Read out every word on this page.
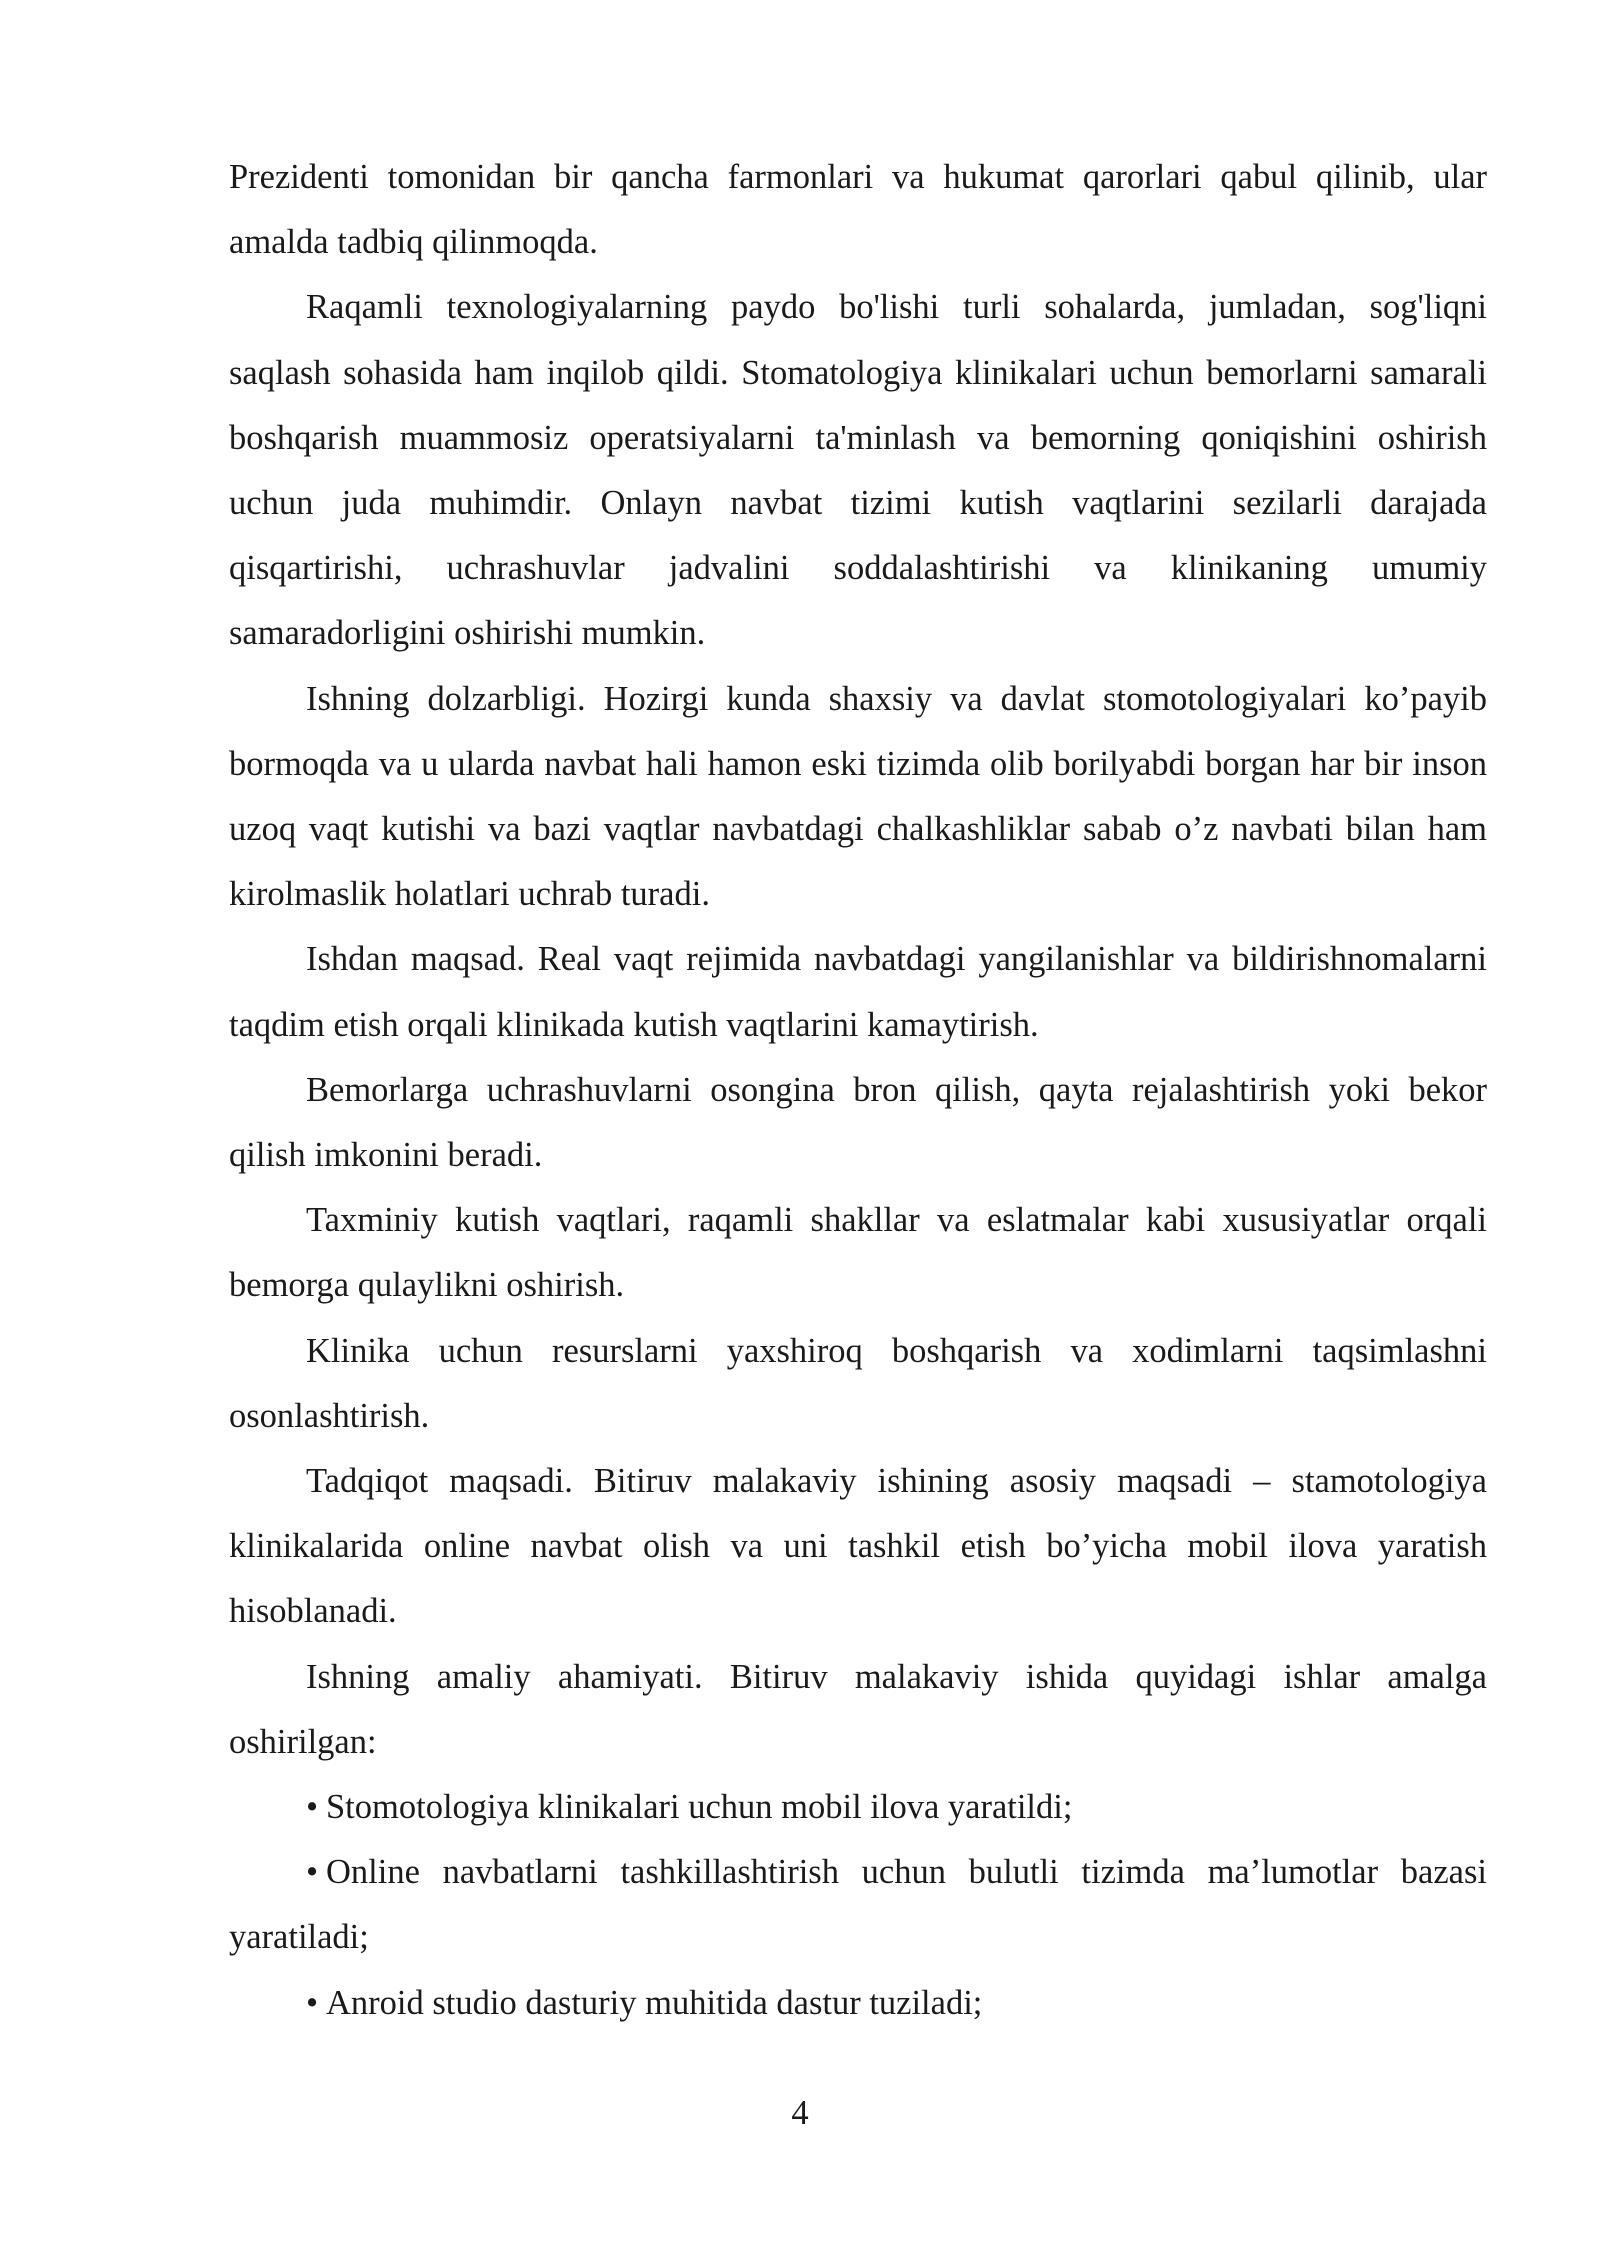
Prezidenti tomonidan bir qancha farmonlari va hukumat qarorlari qabul qilinib, ular amalda tadbiq qilinmoqda.

Raqamli texnologiyalarning paydo bo'lishi turli sohalarda, jumladan, sog'liqni saqlash sohasida ham inqilob qildi. Stomatologiya klinikalari uchun bemorlarni samarali boshqarish muammosiz operatsiyalarni ta'minlash va bemorning qoniqishini oshirish uchun juda muhimdir. Onlayn navbat tizimi kutish vaqtlarini sezilarli darajada qisqartirishi, uchrashuvlar jadvalini soddalashtirishi va klinikaning umumiy samaradorligini oshirishi mumkin.

Ishning dolzarbligi. Hozirgi kunda shaxsiy va davlat stomotologiyalari ko’payib bormoqda va u ularda navbat hali hamon eski tizimda olib borilyabdi borgan har bir inson uzoq vaqt kutishi va bazi vaqtlar navbatdagi chalkashliklar sabab o’z navbati bilan ham kirolmaslik holatlari uchrab turadi.

Ishdan maqsad. Real vaqt rejimida navbatdagi yangilanishlar va bildirishnomalarni taqdim etish orqali klinikada kutish vaqtlarini kamaytirish.

Bemorlarga uchrashuvlarni osongina bron qilish, qayta rejalashtirish yoki bekor qilish imkonini beradi.

Taxminiy kutish vaqtlari, raqamli shakllar va eslatmalar kabi xususiyatlar orqali bemorga qulaylikni oshirish.

Klinika uchun resurslarni yaxshiroq boshqarish va xodimlarni taqsimlashni osonlashtirish.

Tadqiqot maqsadi. Bitiruv malakaviy ishining asosiy maqsadi – stamotologiya klinikalarida online navbat olish va uni tashkil etish bo’yicha mobil ilova yaratish hisoblanadi.

Ishning amaliy ahamiyati. Bitiruv malakaviy ishida quyidagi ishlar amalga oshirilgan:

• Stomotologiya klinikalari uchun mobil ilova yaratildi;

• Online navbatlarni tashkillashtirish uchun bulutli tizimda ma’lumotlar bazasi yaratiladi;

• Anroid studio dasturiy muhitida dastur tuziladi;

4
